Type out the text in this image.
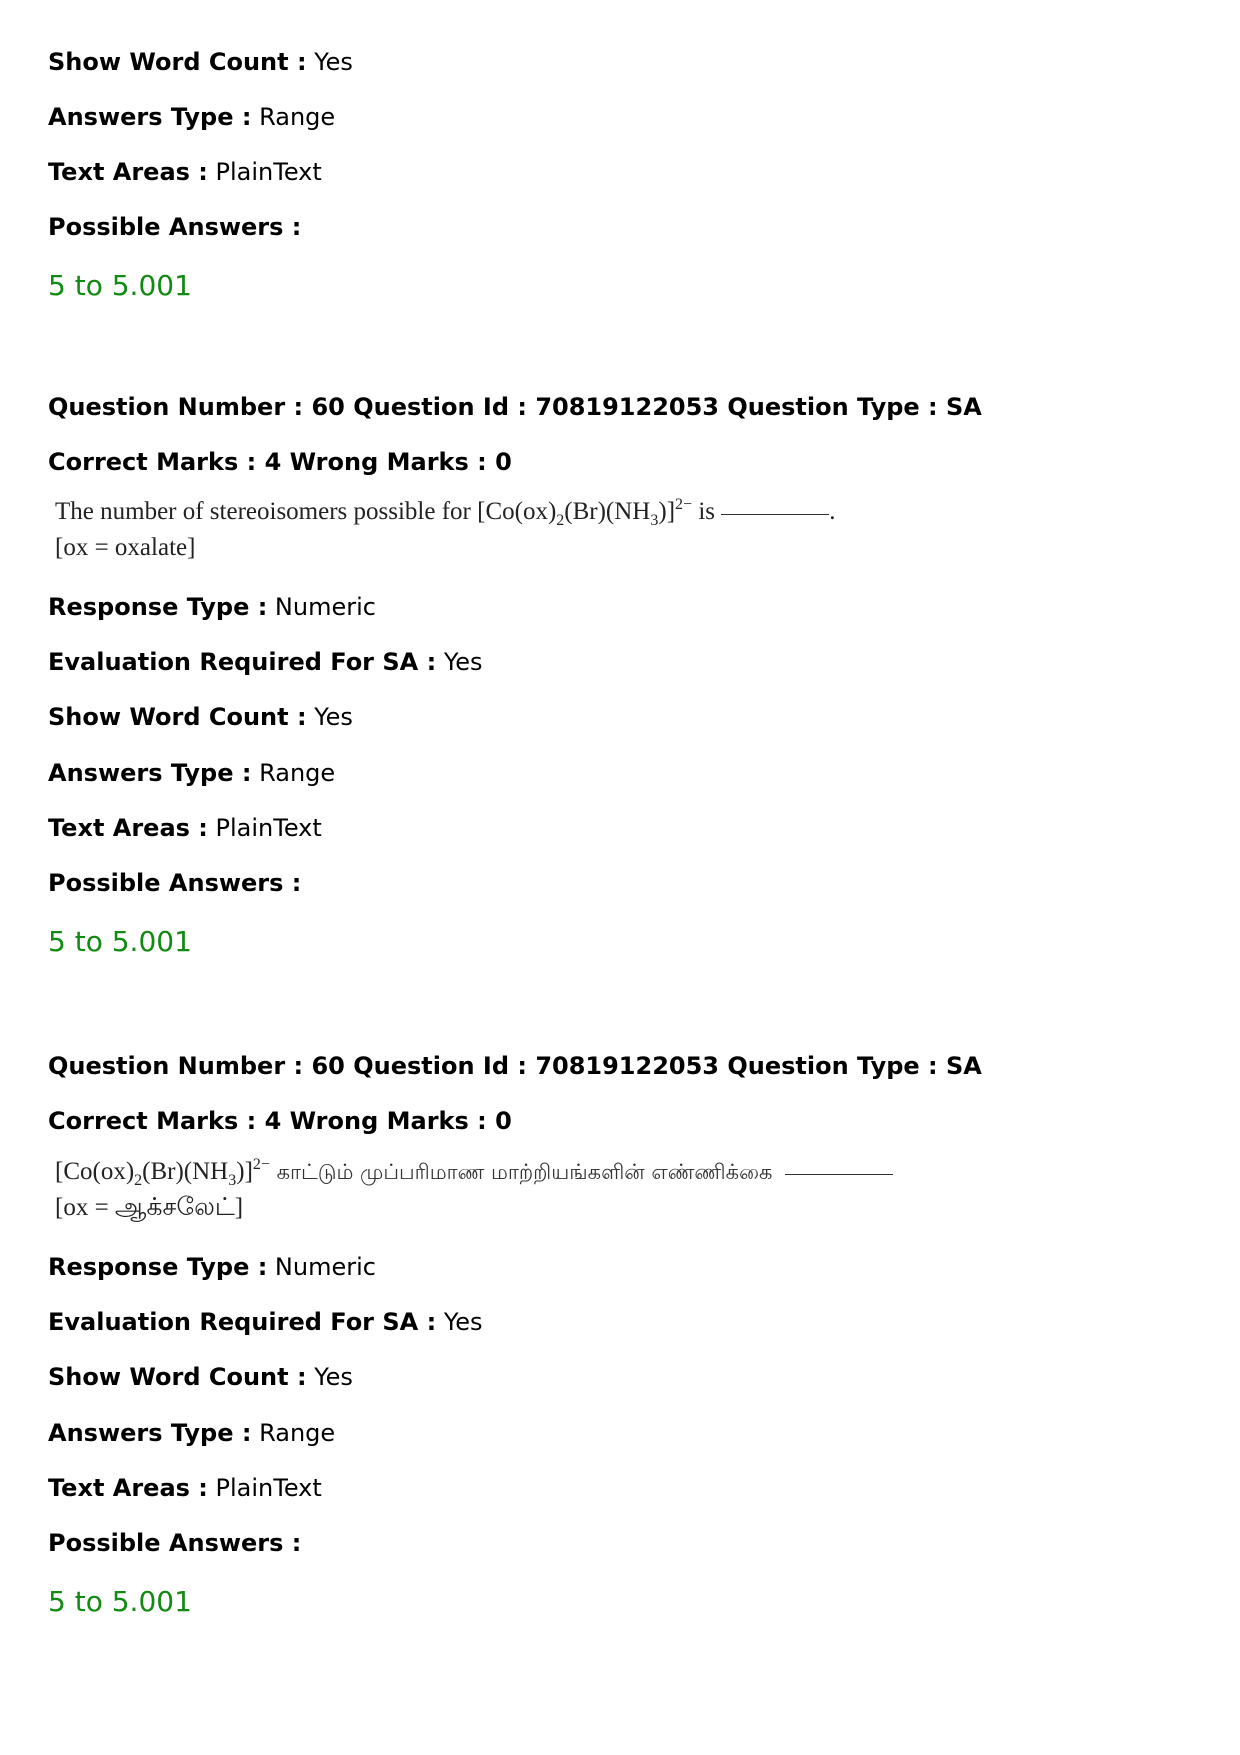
Show Word Count : Yes
Answers Type : Range
Text Areas : PlainText
Possible Answers :
5 to 5.001
Question Number : 60 Question Id : 70819122053 Question Type : SA
Correct Marks : 4 Wrong Marks : 0
The number of stereoisomers possible for $[Co(ox)_2(Br)(NH_3)]^{2-}$ is	.
[ox = oxalate]
Response Type : Numeric
Evaluation Required For SA : Yes
Show Word Count : Yes
Answers Type : Range
Text Areas : PlainText
Possible Answers :
5 to 5.001
Question Number : 60 Question Id : 70819122053 Question Type : SA
Correct Marks : 4 Wrong Marks : 0
$[Co(ox)_2(Br)(NH_3)]^{2-}$ காட்டும் முப்பரிமாண மாற்றியங்களின் எண்ணிக்கை
[ox = ஆக்சலேட்]
Response Type : Numeric
Evaluation Required For SA : Yes
Show Word Count : Yes
Answers Type : Range
Text Areas : PlainText
Possible Answers :
5 to 5.001
